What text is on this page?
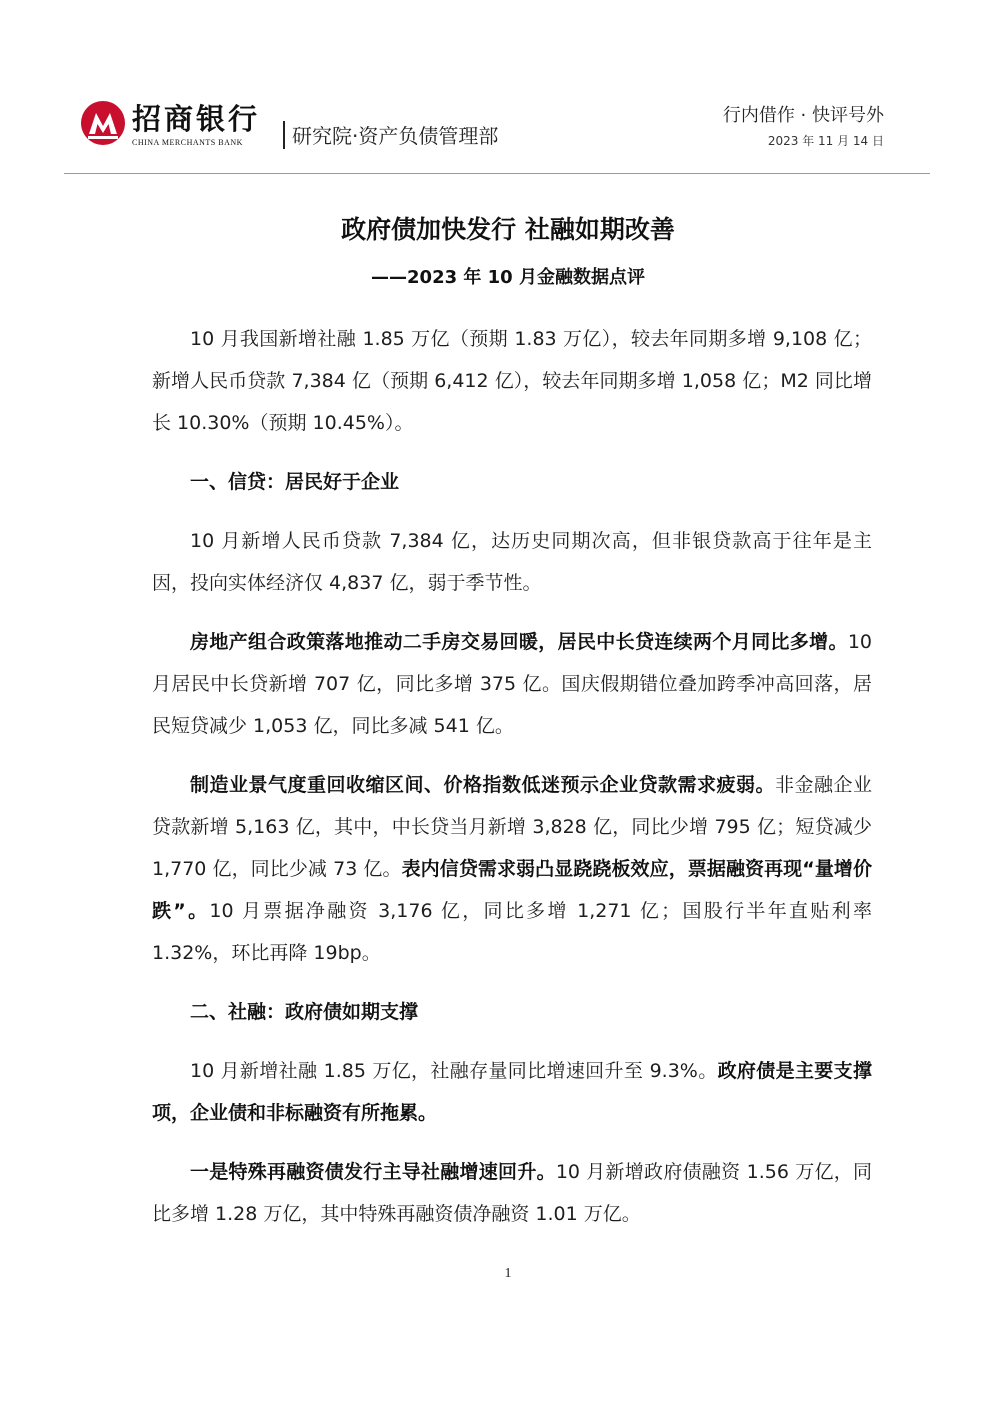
招商银行
CHINA MERCHANTS BANK 研究院·资产负债管理部
行内借作 · 快评号外
2023 年 11 月 14 日
政府债加快发行 社融如期改善
——2023 年 10 月金融数据点评

10 月我国新增社融 1.85 万亿（预期 1.83 万亿），较去年同期多增 9,108 亿；新增人民币贷款 7,384 亿（预期 6,412 亿），较去年同期多增 1,058 亿；M2 同比增长 10.30%（预期 10.45%）。

一、信贷：居民好于企业

10 月新增人民币贷款 7,384 亿，达历史同期次高，但非银贷款高于往年是主因，投向实体经济仅 4,837 亿，弱于季节性。

房地产组合政策落地推动二手房交易回暖，居民中长贷连续两个月同比多增。10 月居民中长贷新增 707 亿，同比多增 375 亿。国庆假期错位叠加跨季冲高回落，居民短贷减少 1,053 亿，同比多减 541 亿。

制造业景气度重回收缩区间、价格指数低迷预示企业贷款需求疲弱。非金融企业贷款新增 5,163 亿，其中，中长贷当月新增 3,828 亿，同比少增 795 亿；短贷减少 1,770 亿，同比少减 73 亿。表内信贷需求弱凸显跷跷板效应，票据融资再现“量增价跌”。10 月票据净融资 3,176 亿，同比多增 1,271 亿；国股行半年直贴利率 1.32%，环比再降 19bp。

二、社融：政府债如期支撑

10 月新增社融 1.85 万亿，社融存量同比增速回升至 9.3%。政府债是主要支撑项，企业债和非标融资有所拖累。

一是特殊再融资债发行主导社融增速回升。10 月新增政府债融资 1.56 万亿，同比多增 1.28 万亿，其中特殊再融资债净融资 1.01 万亿。

1
